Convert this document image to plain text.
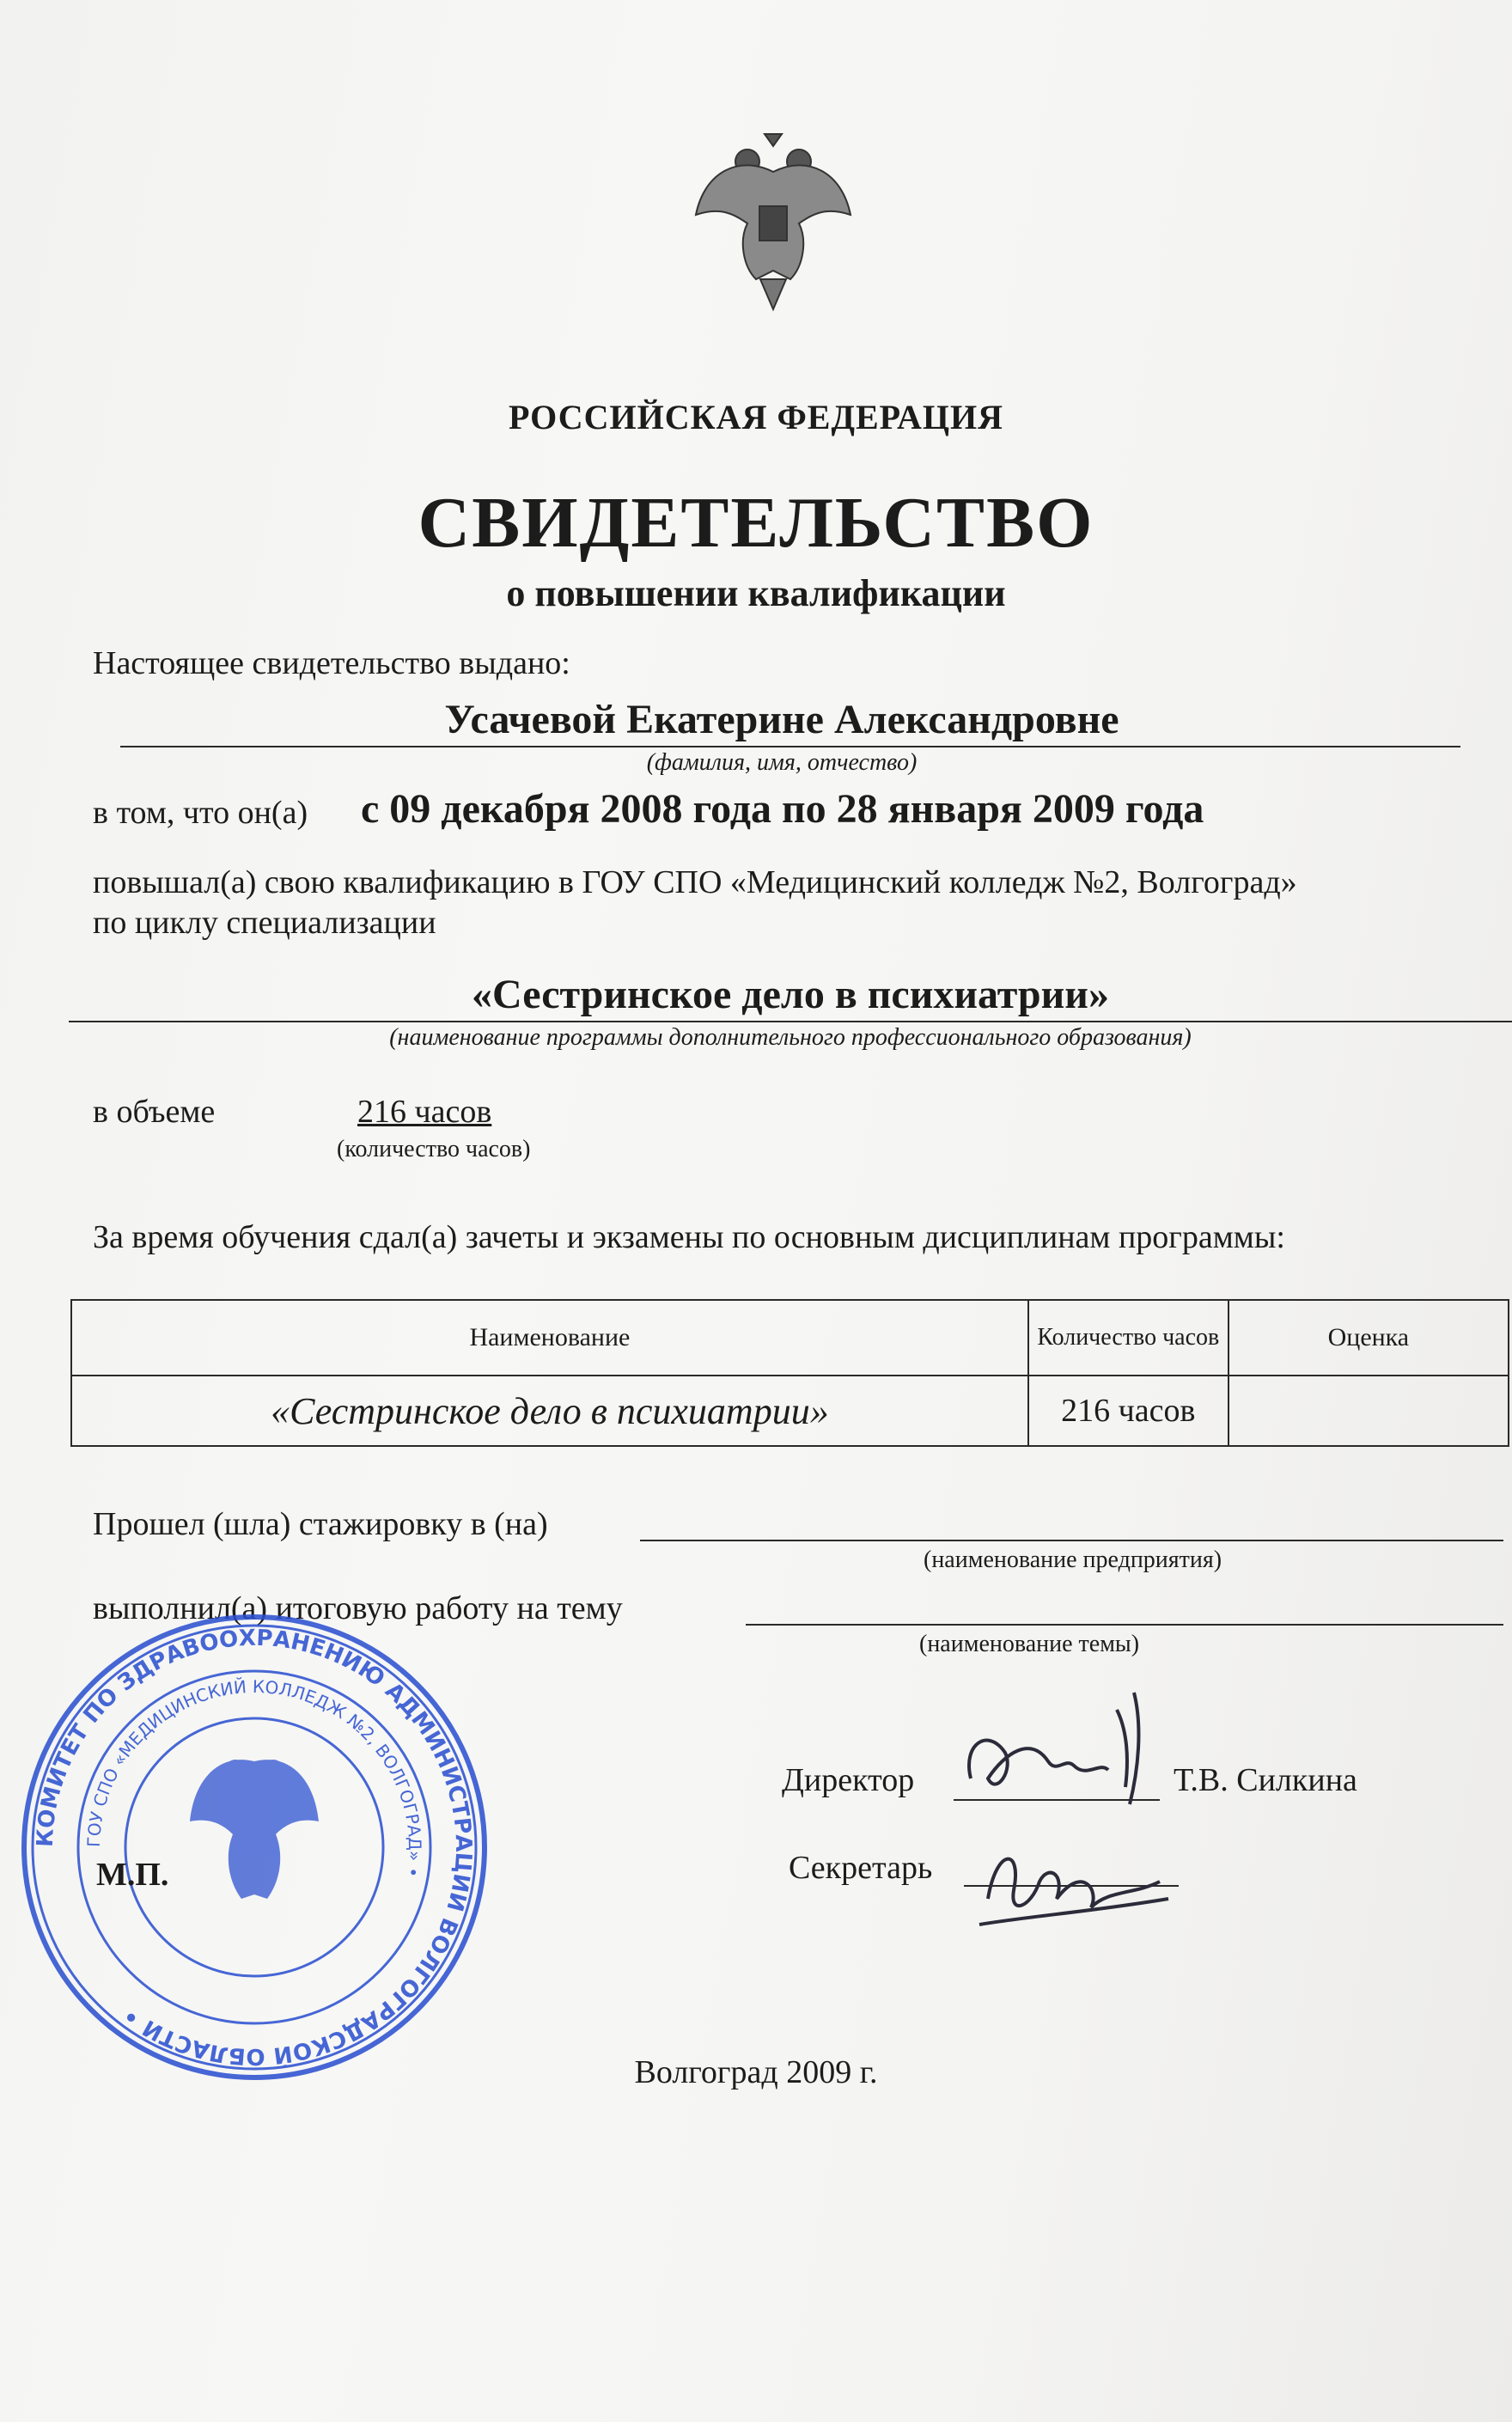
РОССИЙСКАЯ ФЕДЕРАЦИЯ
СВИДЕТЕЛЬСТВО
о повышении квалификации
Настоящее свидетельство выдано:
Усачевой Екатерине Александровне
(фамилия, имя, отчество)
в том, что он(а) с 09 декабря 2008 года по 28 января 2009 года
повышал(а) свою квалификацию в ГОУ СПО «Медицинский колледж №2, Волгоград»
по циклу специализации
«Сестринское дело в психиатрии»
(наименование программы дополнительного профессионального образования)
в объеме	216 часов
(количество часов)
За время обучения сдал(а) зачеты и экзамены по основным дисциплинам программы:
Наименование	Количество часов	Оценка
«Сестринское дело в психиатрии»	216 часов	
Прошел (шла) стажировку в (на)
(наименование предприятия)
выполнил(а) итоговую работу на тему
(наименование темы)
Директор	Т.В. Силкина
Секретарь
КОМИТЕТ ПО ЗДРАВООХРАНЕНИЮ АДМИНИСТРАЦИИ ВОЛГОГРАДСКОЙ ОБЛАСТИ •
ГОУ СПО «МЕДИЦИНСКИЙ КОЛЛЕДЖ №2, ВОЛГОГРАД» •
М.П.
Волгоград 2009 г.
